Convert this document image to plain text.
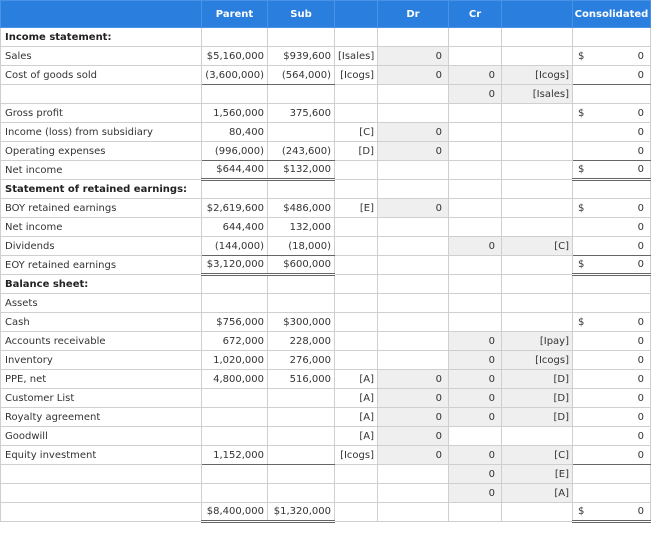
	Parent	Sub		Dr	Cr		Consolidated
Income statement:							
Sales	$5,160,000	$939,600	[Isales]	0			$ 0
Cost of goods sold	(3,600,000)	(564,000)	[Icogs]	0	0	[Icogs]	0
					0	[Isales]	
Gross profit	1,560,000	375,600					$ 0
Income (loss) from subsidiary	80,400		[C]	0			0
Operating expenses	(996,000)	(243,600)	[D]	0			0
Net income	$644,400	$132,000					$ 0
Statement of retained earnings:							
BOY retained earnings	$2,619,600	$486,000	[E]	0			$ 0
Net income	644,400	132,000					0
Dividends	(144,000)	(18,000)			0	[C]	0
EOY retained earnings	$3,120,000	$600,000					$ 0
Balance sheet:							
Assets							
Cash	$756,000	$300,000					$ 0
Accounts receivable	672,000	228,000			0	[Ipay]	0
Inventory	1,020,000	276,000			0	[Icogs]	0
PPE, net	4,800,000	516,000	[A]	0	0	[D]	0
Customer List			[A]	0	0	[D]	0
Royalty agreement			[A]	0	0	[D]	0
Goodwill			[A]	0			0
Equity investment	1,152,000		[Icogs]	0	0	[C]	0
					0	[E]	
					0	[A]	
	$8,400,000	$1,320,000					$ 0
